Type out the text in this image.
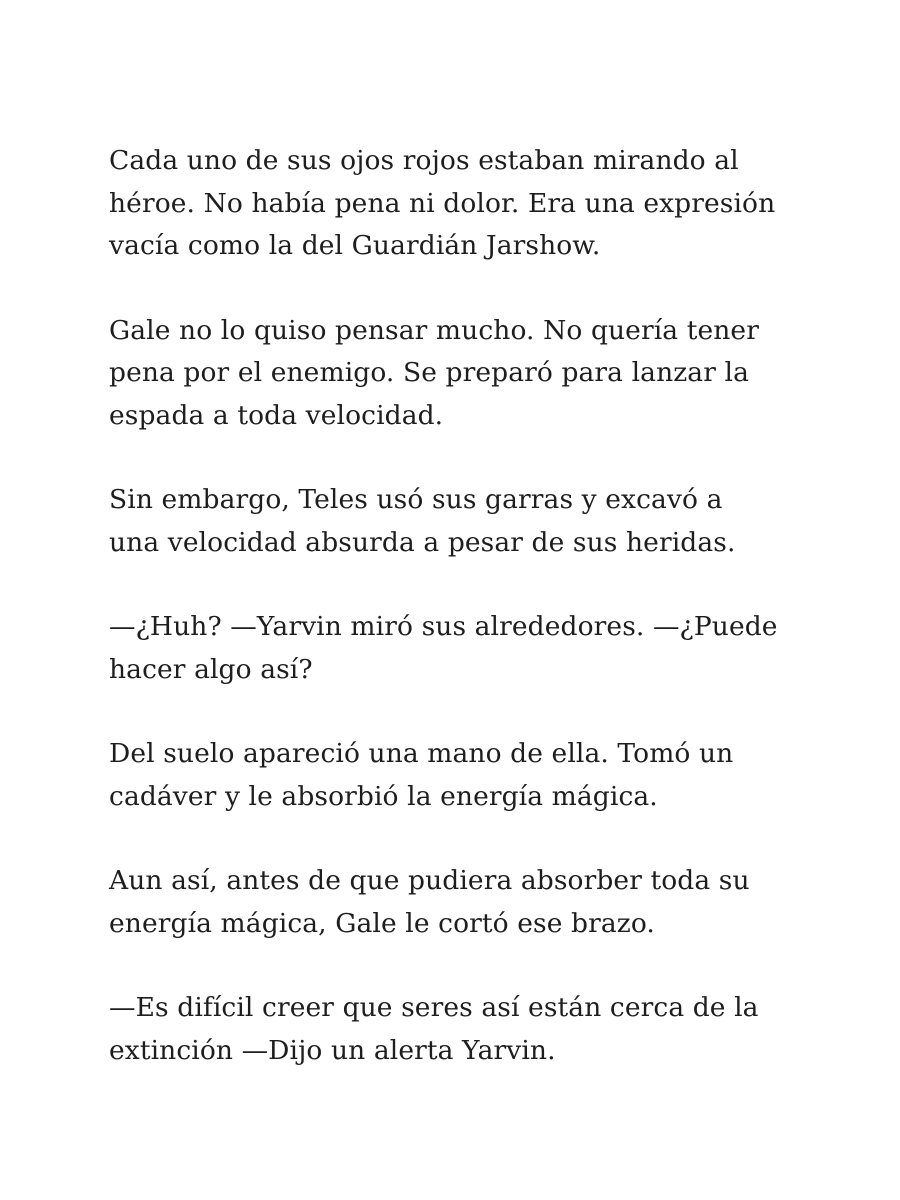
Cada uno de sus ojos rojos estaban mirando al
héroe. No había pena ni dolor. Era una expresión
vacía como la del Guardián Jarshow.

Gale no lo quiso pensar mucho. No quería tener
pena por el enemigo. Se preparó para lanzar la
espada a toda velocidad.

Sin embargo, Teles usó sus garras y excavó a
una velocidad absurda a pesar de sus heridas.

—¿Huh? —Yarvin miró sus alrededores. —¿Puede
hacer algo así?

Del suelo apareció una mano de ella. Tomó un
cadáver y le absorbió la energía mágica.

Aun así, antes de que pudiera absorber toda su
energía mágica, Gale le cortó ese brazo.

—Es difícil creer que seres así están cerca de la
extinción —Dijo un alerta Yarvin.
